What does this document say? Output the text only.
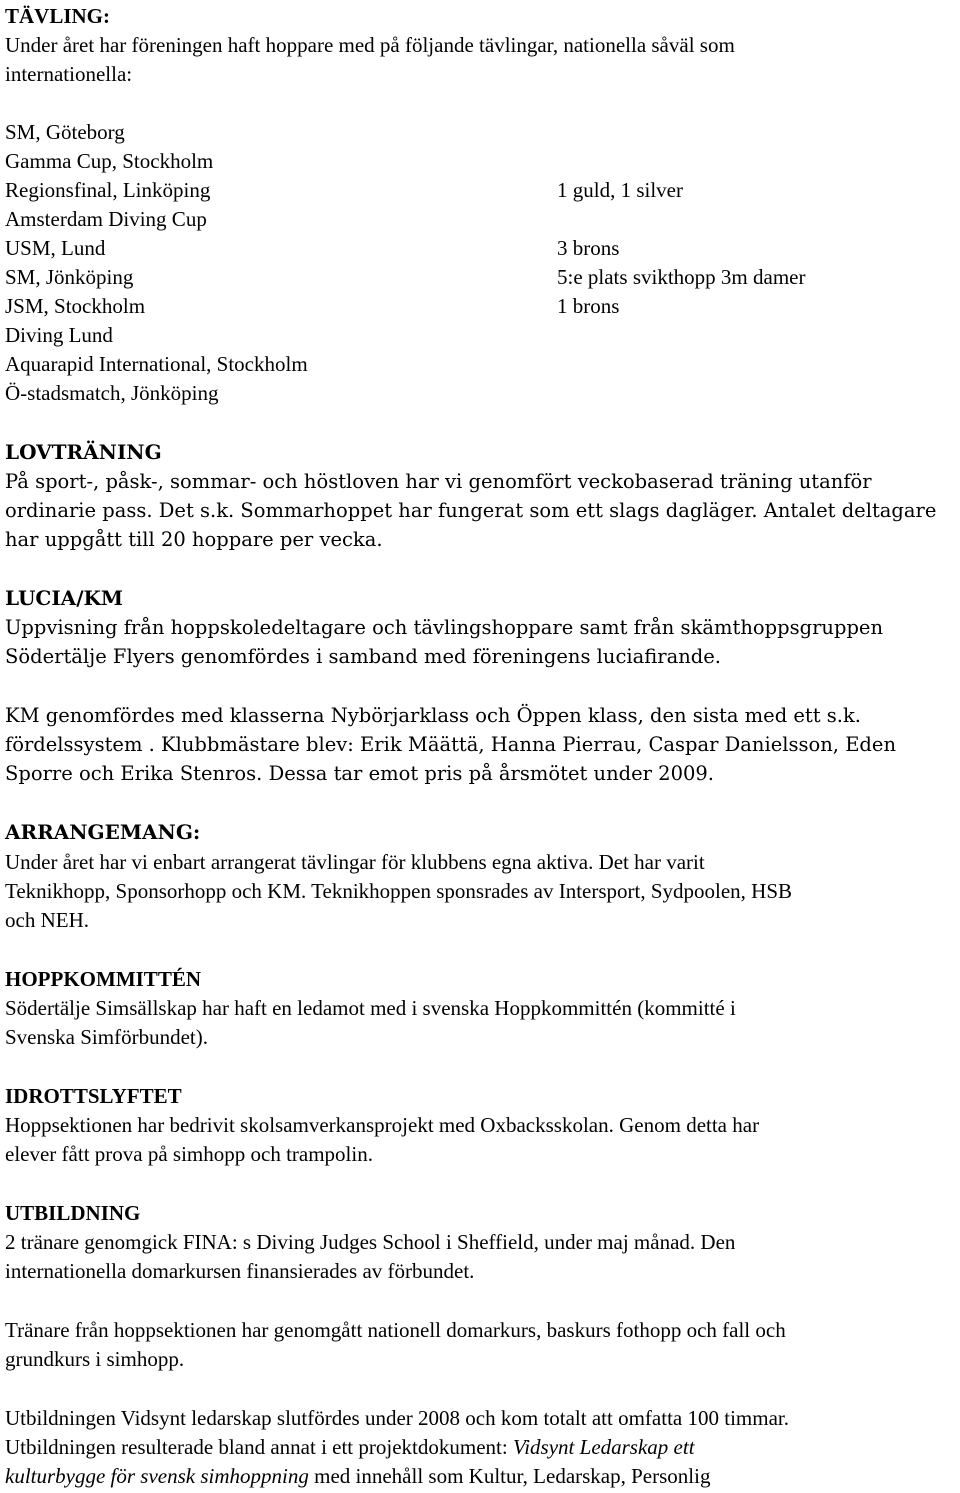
TÄVLING:
Under året har föreningen haft hoppare med på följande tävlingar, nationella såväl som
internationella:
SM, Göteborg
Gamma Cup, Stockholm
Regionsfinal, Linköping	1 guld, 1 silver
Amsterdam Diving Cup
USM, Lund	3 brons
SM, Jönköping	5:e plats svikthopp 3m damer
JSM, Stockholm	1 brons
Diving Lund
Aquarapid International, Stockholm
Ö-stadsmatch, Jönköping
LOVTRÄNING
På sport-, påsk-, sommar- och höstloven har vi genomfört veckobaserad träning utanför
ordinarie pass. Det s.k. Sommarhoppet har fungerat som ett slags dagläger. Antalet deltagare
har uppgått till 20 hoppare per vecka.
LUCIA/KM
Uppvisning från hoppskoledeltagare och tävlingshoppare samt från skämthoppsgruppen
Södertälje Flyers genomfördes i samband med föreningens luciafirande.
KM genomfördes med klasserna Nybörjarklass och Öppen klass, den sista med ett s.k.
fördelssystem . Klubbmästare blev: Erik Määttä, Hanna Pierrau, Caspar Danielsson, Eden
Sporre och Erika Stenros. Dessa tar emot pris på årsmötet under 2009.
ARRANGEMANG:
Under året har vi enbart arrangerat tävlingar för klubbens egna aktiva. Det har varit
Teknikhopp, Sponsorhopp och KM. Teknikhoppen sponsrades av Intersport, Sydpoolen, HSB
och NEH.
HOPPKOMMITTÉN
Södertälje Simsällskap har haft en ledamot med i svenska Hoppkommittén (kommitté i
Svenska Simförbundet).
IDROTTSLYFTET
Hoppsektionen har bedrivit skolsamverkansprojekt med Oxbacksskolan. Genom detta har
elever fått prova på simhopp och trampolin.
UTBILDNING
2 tränare genomgick FINA: s Diving Judges School i Sheffield, under maj månad. Den
internationella domarkursen finansierades av förbundet.
Tränare från hoppsektionen har genomgått nationell domarkurs, baskurs fothopp och fall och
grundkurs i simhopp.
Utbildningen Vidsynt ledarskap slutfördes under 2008 och kom totalt att omfatta 100 timmar.
Utbildningen resulterade bland annat i ett projektdokument: Vidsynt Ledarskap ett
kulturbygge för svensk simhoppning med innehåll som Kultur, Ledarskap, Personlig
